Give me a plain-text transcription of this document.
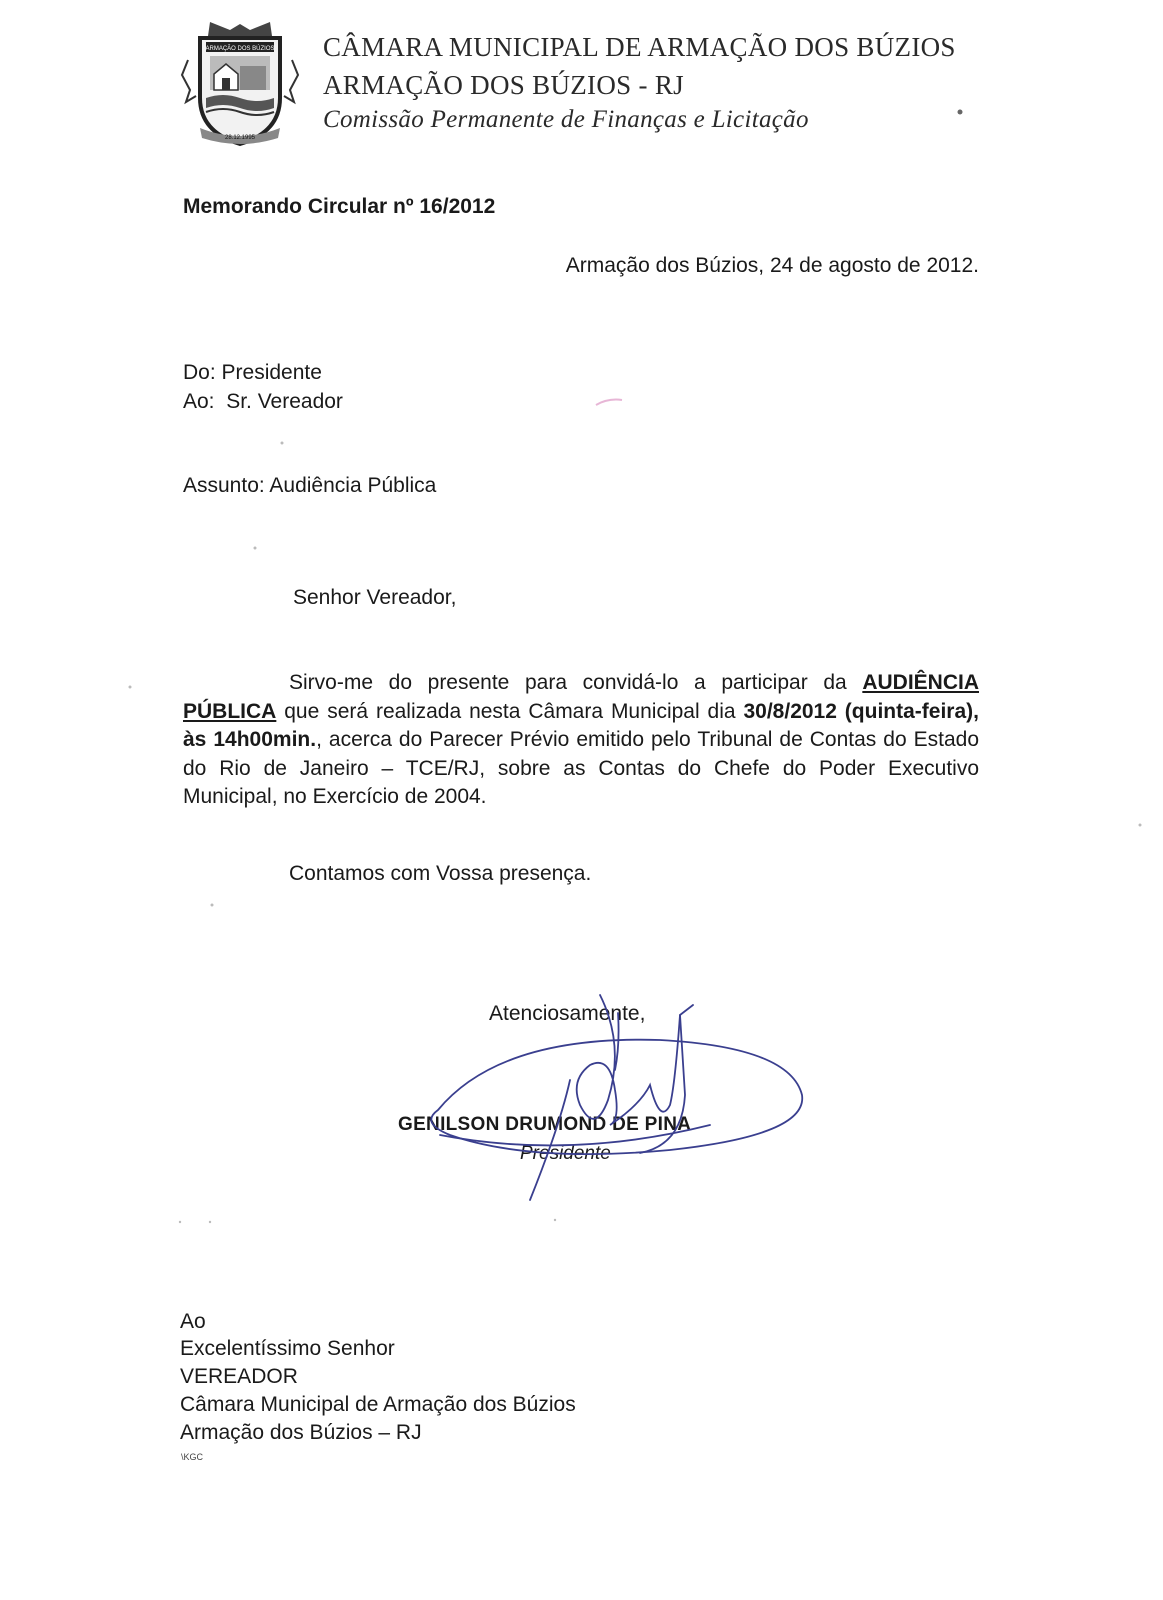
ARMAÇÃO DOS BÚZIOS
28.12.1995
CÂMARA MUNICIPAL DE ARMAÇÃO DOS BÚZIOS
ARMAÇÃO DOS BÚZIOS - RJ
Comissão Permanente de Finanças e Licitação
Memorando Circular nº 16/2012
Armação dos Búzios, 24 de agosto de 2012.
Do: Presidente
Ao:  Sr. Vereador
Assunto: Audiência Pública
Senhor Vereador,
Sirvo-me do presente para convidá-lo a participar da AUDIÊNCIA PÚBLICA que será realizada nesta Câmara Municipal dia 30/8/2012 (quinta-feira), às 14h00min., acerca do Parecer Prévio emitido pelo Tribunal de Contas do Estado do Rio de Janeiro – TCE/RJ, sobre as Contas do Chefe do Poder Executivo Municipal, no Exercício de 2004.
Contamos com Vossa presença.
Atenciosamente,
GENILSON DRUMOND DE PINA
Presidente
Ao
Excelentíssimo Senhor
VEREADOR
Câmara Municipal de Armação dos Búzios
Armação dos Búzios – RJ
\KGC
